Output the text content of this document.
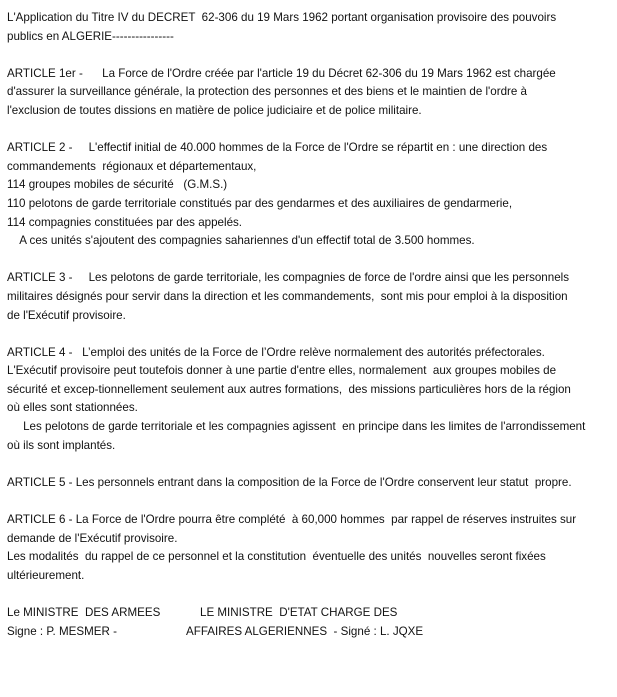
L'Application du Titre IV du DECRET  62-306 du 19 Mars 1962 portant organisation provisoire des pouvoirs
publics en ALGERIE----------------
ARTICLE 1er -      La Force de l'Ordre créée par l'article 19 du Décret 62-306 du 19 Mars 1962 est chargée
d'assurer la surveillance générale, la protection des personnes et des biens et le maintien de l'ordre à
l'exclusion de toutes dissions en matière de police judiciaire et de police militaire.
ARTICLE 2 -     L'effectif initial de 40.000 hommes de la Force de l'Ordre se répartit en : une direction des
commandements  régionaux et départementaux,
114 groupes mobiles de sécurité   (G.M.S.)
110 pelotons de garde territoriale constitués par des gendarmes et des auxiliaires de gendarmerie,
114 compagnies constituées par des appelés.
A ces unités s'ajoutent des compagnies sahariennes d'un effectif total de 3.500 hommes.
ARTICLE 3 -     Les pelotons de garde territoriale, les compagnies de force de l'ordre ainsi que les personnels
militaires désignés pour servir dans la direction et les commandements,  sont mis pour emploi à la disposition
de l'Exécutif provisoire.
ARTICLE 4 -   L’emploi des unités de la Force de l’Ordre relève normalement des autorités préfectorales.
L'Exécutif provisoire peut toutefois donner à une partie d'entre elles, normalement  aux groupes mobiles de
sécurité et excep-tionnellement seulement aux autres formations,  des missions particulières hors de la région
où elles sont stationnées.
Les pelotons de garde territoriale et les compagnies agissent  en principe dans les limites de l'arrondissement
où ils sont implantés.
ARTICLE 5 - Les personnels entrant dans la composition de la Force de l'Ordre conservent leur statut  propre.
ARTICLE 6 - La Force de l'Ordre pourra être complété  à 60,000 hommes  par rappel de réserves instruites sur
demande de l'Exécutif provisoire.
Les modalités  du rappel de ce personnel et la constitution  éventuelle des unités  nouvelles seront fixées
ultérieurement.

Le MINISTRE  DES ARMEES

	LE MINISTRE  D'ETAT CHARGE DES

Signe : P. MESMER -

	AFFAIRES ALGERIENNES  - Signé : L. JQXE
